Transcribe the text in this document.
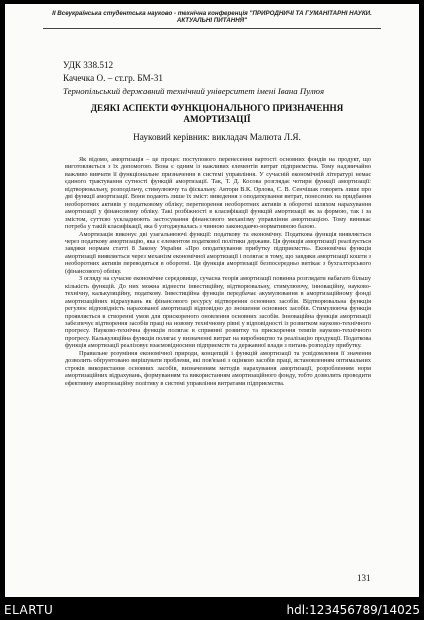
ІІ Всеукраїнська студентська науково - технічна конференція "ПРИРОДНИЧІ ТА ГУМАНІТАРНІ НАУКИ. АКТУАЛЬНІ ПИТАННЯ"
УДК 338.512
Качечка О. – ст.гр. БМ-31
Тернопільський державний технічний університет імені Івана Пулюя
ДЕЯКІ АСПЕКТИ ФУНКЦІОНАЛЬНОГО ПРИЗНАЧЕННЯ АМОРТИЗАЦІЇ
Науковий керівник: викладач Малюта Л.Я.

Як відомо, амортизація – це процес поступового перенесення вартості основних фондів на продукт, що виготовляється з їх допомогою. Вона є одним із важливих елементів витрат підприємства. Тому надзвичайно важливо вивчати її функціональне призначення в системі управління. У сучасній економічній літературі немає єдиного трактування сутності функцій амортизації. Так, Т. Д. Косова розглядає чотири функції амортизації: відтворювальну, розподільчу, стимулюючу та фіскальну. Автори В.К. Орлова, С. В. Сенчішак говорять лише про дві функції амортизації. Вони подають лише їх зміст: виведення з оподаткування витрат, понесених на придбання необоротних активів у податковому обліку; перетворення необоротних активів в оборотні шляхом нарахування амортизації у фінансовому обліку. Такі розбіжності в класифікації функцій амортизації як за формою, так і за змістом, суттєво ускладнюють застосування фінансового механізму управління амортизацією. Тому виникає потреба у такій класифікації, яка б узгоджувалась з чинною законодавчо-нормативною базою.

Амортизація виконує дві узагальнюючі функції: податкову та економічну. Податкова функція виявляється через податкову амортизацію, яка є елементом податкової політики держави. Ця функція амортизації реалізується завдяки нормам статті 8 Закону України «Про оподаткування прибутку підприємств». Економічна функція амортизації виявляється через механізм економічної амортизації і полягає в тому, що завдяки амортизації кошти з необоротних активів переводяться в оборотні. Ця функція амортизації безпосередньо витікає з бухгалтерського (фінансового) обліку.

З огляду на сучасне економічне середовище, сучасна теорія амортизації повинна розглядати набагато більшу кількість функцій. До них можна віднести інвестиційну, відтворювальну, стимулюючу, інноваційну, науково-технічну, калькуляційну, податкову. Інвестиційна функція передбачає акумулювання в амортизаційному фонді амортизаційних відрахувань як фінансового ресурсу відтворення основних засобів. Відтворювальна функція регулює відповідність нарахованої амортизації відповідно до зношення основних засобів. Стимулююча функція проявляється в створенні умов для прискореного оновлення основних засобів. Інноваційна функція амортизації забезпечує відтворення засобів праці на новому технічному рівні у відповідності із розвитком науково-технічного прогресу. Науково-технічна функція полягає в сприянні розвитку та прискорення темпів науково-технічного прогресу. Калькуляційна функція полягає у визначенні витрат на виробництво та реалізацію продукції. Податкова функція амортизації реалізовує взаємовідносини підприємств та державної влади з питань розподілу прибутку.

Правильне розуміння економічної природи, концепцій і функцій амортизації та усвідомлення її значення дозволить обґрунтовано вирішувати проблеми, які пов'язані з оцінкою засобів праці, встановленням оптимальних строків використання основних засобів, визначенням методів нарахування амортизації, розробленням норм амортизаційних відрахувань, формуванням та використанням амортизаційного фонду, тобто дозволить проводити ефективну амортизаційну політику в системі управління витратами підприємства.

131
ELARTU	hdl:123456789/14025
